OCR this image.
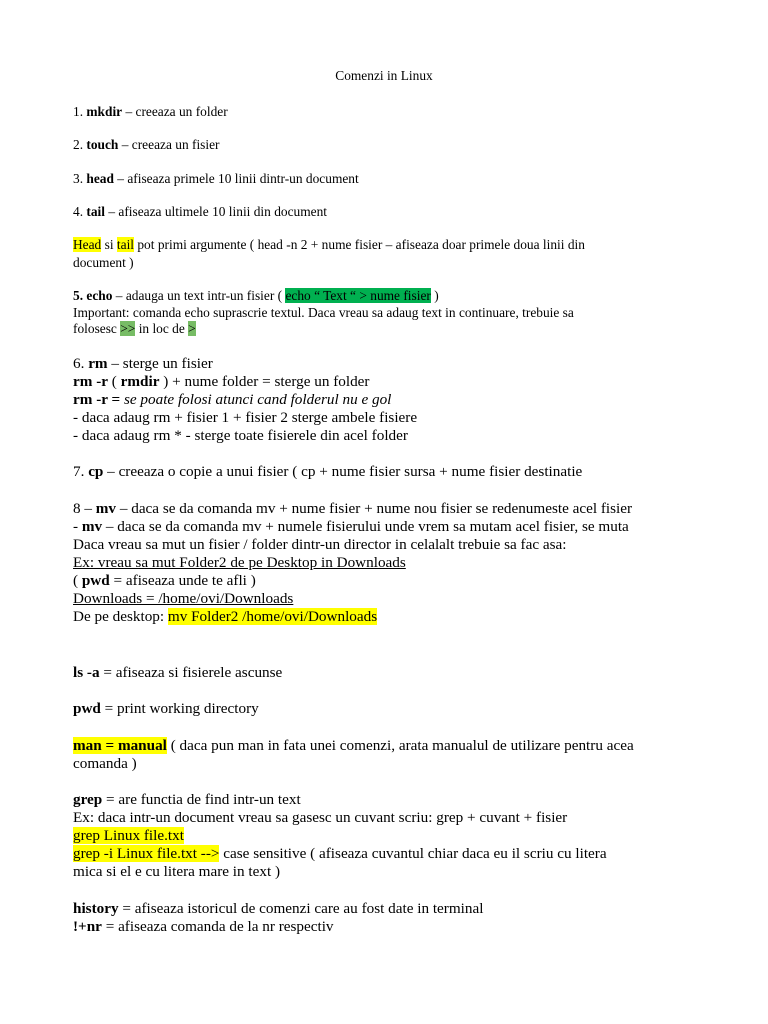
Comenzi in Linux
1. mkdir – creeaza un folder
2. touch – creeaza un fisier
3. head – afiseaza primele 10 linii dintr-un document
4. tail – afiseaza ultimele 10 linii din document
Head si tail pot primi argumente ( head -n 2 + nume fisier – afiseaza doar primele doua linii din
document )
5. echo – adauga un text intr-un fisier ( echo “ Text “ > nume fisier )
Important: comanda echo suprascrie textul. Daca vreau sa adaug text in continuare, trebuie sa
folosesc >> in loc de >
6. rm – sterge un fisier
rm -r ( rmdir ) + nume folder = sterge un folder
rm -r = se poate folosi atunci cand folderul nu e gol
- daca adaug rm + fisier 1 + fisier 2 sterge ambele fisiere
- daca adaug rm * - sterge toate fisierele din acel folder
7. cp – creeaza o copie a unui fisier ( cp + nume fisier sursa + nume fisier destinatie
8 – mv – daca se da comanda mv + nume fisier + nume nou fisier se redenumeste acel fisier
- mv – daca se da comanda mv + numele fisierului unde vrem sa mutam acel fisier, se muta
Daca vreau sa mut un fisier / folder dintr-un director in celalalt trebuie sa fac asa:
Ex: vreau sa mut Folder2 de pe Desktop in Downloads
( pwd = afiseaza unde te afli )
Downloads = /home/ovi/Downloads
De pe desktop: mv Folder2 /home/ovi/Downloads
ls -a = afiseaza si fisierele ascunse
pwd = print working directory
man = manual ( daca pun man in fata unei comenzi, arata manualul de utilizare pentru acea
comanda )
grep = are functia de find intr-un text
Ex: daca intr-un document vreau sa gasesc un cuvant scriu: grep + cuvant + fisier
grep Linux file.txt
grep -i Linux file.txt --> case sensitive ( afiseaza cuvantul chiar daca eu il scriu cu litera
mica si el e cu litera mare in text )
history = afiseaza istoricul de comenzi care au fost date in terminal
!+nr = afiseaza comanda de la nr respectiv
